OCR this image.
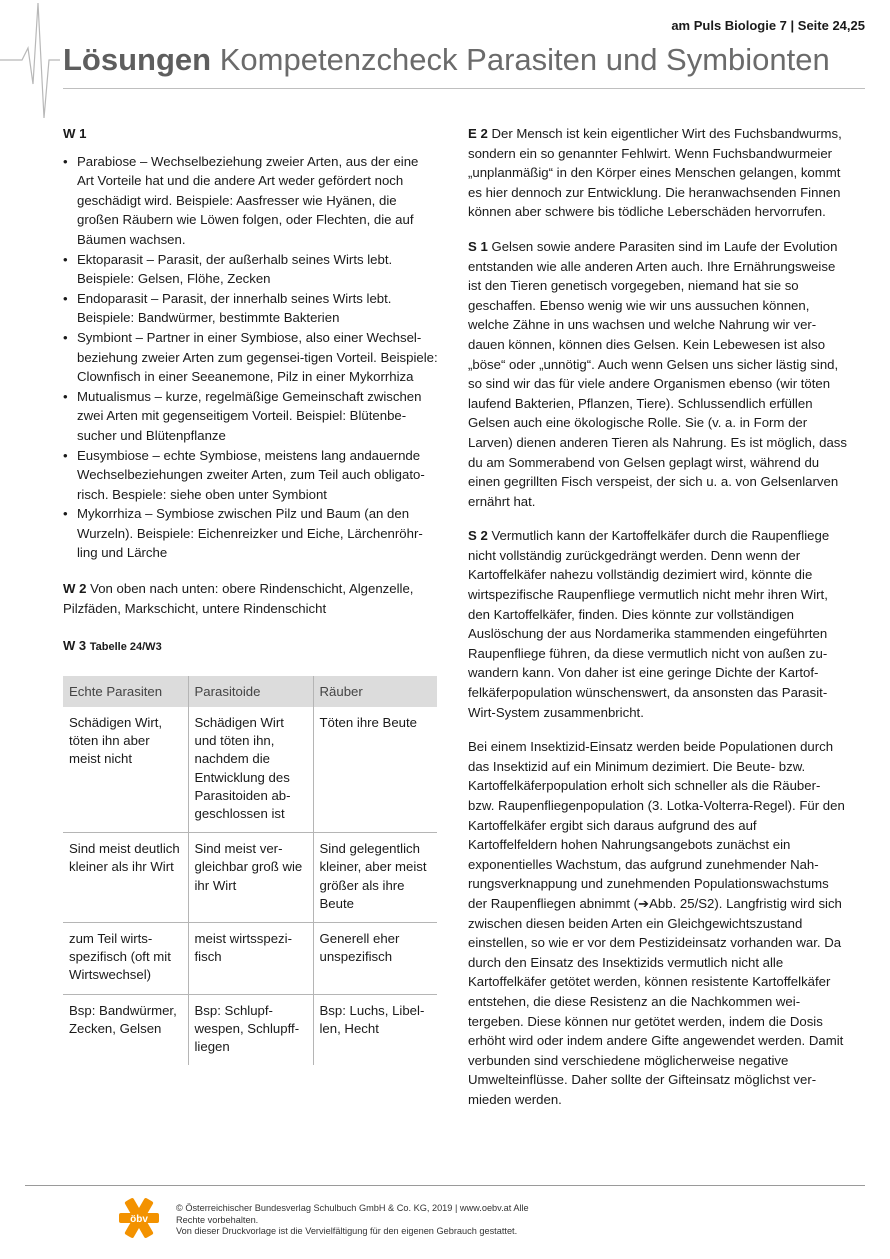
am Puls Biologie 7 | Seite 24,25
Lösungen Kompetenzcheck Parasiten und Symbionten
W 1
• Parabiose – Wechselbeziehung zweier Arten, aus der eine Art Vorteile hat und die andere Art weder gefördert noch geschädigt wird. Beispiele: Aasfresser wie Hyänen, die großen Räubern wie Löwen folgen, oder Flechten, die auf Bäumen wachsen.
• Ektoparasit – Parasit, der außerhalb seines Wirts lebt. Beispiele: Gelsen, Flöhe, Zecken
• Endoparasit – Parasit, der innerhalb seines Wirts lebt. Beispiele: Bandwürmer, bestimmte Bakterien
• Symbiont – Partner in einer Symbiose, also einer Wechselbeziehung zweier Arten zum gegensei-tigen Vorteil. Beispiele: Clownfisch in einer Seeanemone, Pilz in einer Mykorrhiza
• Mutualismus – kurze, regelmäßige Gemeinschaft zwischen zwei Arten mit gegenseitigem Vorteil. Beispiel: Blütenbesucher und Blütenpflanze
• Eusymbiose – echte Symbiose, meistens lang andauernde Wechselbeziehungen zweiter Arten, zum Teil auch obligatorisch. Bespiele: siehe oben unter Symbiont
• Mykorrhiza – Symbiose zwischen Pilz und Baum (an den Wurzeln). Beispiele: Eichenreizker und Eiche, Lärchenröhrling und Lärche

W 2 Von oben nach unten: obere Rindenschicht, Algenzelle, Pilzfäden, Markschicht, untere Rindenschicht

W 3 Tabelle 24/W3

Echte Parasiten	Parasitoide	Räuber
Schädigen Wirt, töten ihn aber meist nicht	Schädigen Wirt und töten ihn, nachdem die Entwicklung des Parasitoiden abgeschlossen ist	Töten ihre Beute
Sind meist deutlich kleiner als ihr Wirt	Sind meist vergleichbar groß wie ihr Wirt	Sind gelegentlich kleiner, aber meist größer als ihre Beute
zum Teil wirtsspezifisch (oft mit Wirtswechsel)	meist wirtsspezifisch	Generell eher unspezifisch
Bsp: Bandwürmer, Zecken, Gelsen	Bsp: Schlupfwespen, Schlupffliegen	Bsp: Luchs, Libellen, Hecht

E 2 Der Mensch ist kein eigentlicher Wirt des Fuchsbandwurms, sondern ein so genannter Fehlwirt. Wenn Fuchsbandwurmeier „unplanmäßig“ in den Körper eines Menschen gelangen, kommt es hier dennoch zur Entwicklung. Die heranwachsenden Finnen können aber schwere bis tödliche Leberschäden hervorrufen.

S 1 Gelsen sowie andere Parasiten sind im Laufe der Evolution entstanden wie alle anderen Arten auch. Ihre Ernährungsweise ist den Tieren genetisch vorgegeben, niemand hat sie so geschaffen. Ebenso wenig wie wir uns aussuchen können, welche Zähne in uns wachsen und welche Nahrung wir verdauen können, können dies Gelsen. Kein Lebewesen ist also „böse“ oder „unnötig“. Auch wenn Gelsen uns sicher lästig sind, so sind wir das für viele andere Organismen ebenso (wir töten laufend Bakterien, Pflanzen, Tiere). Schlussendlich erfüllen Gelsen auch eine ökologische Rolle. Sie (v. a. in Form der Larven) dienen anderen Tieren als Nahrung. Es ist möglich, dass du am Sommerabend von Gelsen geplagt wirst, während du einen gegrillten Fisch verspeist, der sich u. a. von Gelsenlarven ernährt hat.

S 2 Vermutlich kann der Kartoffelkäfer durch die Raupenfliege nicht vollständig zurückgedrängt werden. Denn wenn der Kartoffelkäfer nahezu vollständig dezimiert wird, könnte die wirtspezifische Raupenfliege vermutlich nicht mehr ihren Wirt, den Kartoffelkäfer, finden. Dies könnte zur vollständigen Auslöschung der aus Nordamerika stammenden eingeführten Raupenfliege führen, da diese vermutlich nicht von außen zuwandern kann. Von daher ist eine geringe Dichte der Kartoffelkäferpopulation wünschenswert, da ansonsten das Parasit-Wirt-System zusammenbricht.

Bei einem Insektizid-Einsatz werden beide Populationen durch das Insektizid auf ein Minimum dezimiert. Die Beute- bzw. Kartoffelkäferpopulation erholt sich schneller als die Räuber- bzw. Raupenfliegenpopulation (3. Lotka-Volterra-Regel). Für den Kartoffelkäfer ergibt sich daraus aufgrund des auf Kartoffelfeldern hohen Nahrungsangebots zunächst ein exponentielles Wachstum, das aufgrund zunehmender Nahrungsverknappung und zunehmenden Populationswachstums der Raupenfliegen abnimmt (➔Abb. 25/S2). Langfristig wird sich zwischen diesen beiden Arten ein Gleichgewichtszustand einstellen, so wie er vor dem Pestizideinsatz vorhanden war. Da durch den Einsatz des Insektizids vermutlich nicht alle Kartoffelkäfer getötet werden, können resistente Kartoffelkäfer entstehen, die diese Resistenz an die Nachkommen weitergeben. Diese können nur getötet werden, indem die Dosis erhöht wird oder indem andere Gifte angewendet werden. Damit verbunden sind verschiedene möglicherweise negative Umwelteinflüsse. Daher sollte der Gifteinsatz möglichst vermieden werden.

öbv
© Österreichischer Bundesverlag Schulbuch GmbH & Co. KG, 2019 | www.oebv.at Alle
Rechte vorbehalten.
Von dieser Druckvorlage ist die Vervielfältigung für den eigenen Gebrauch gestattet.
